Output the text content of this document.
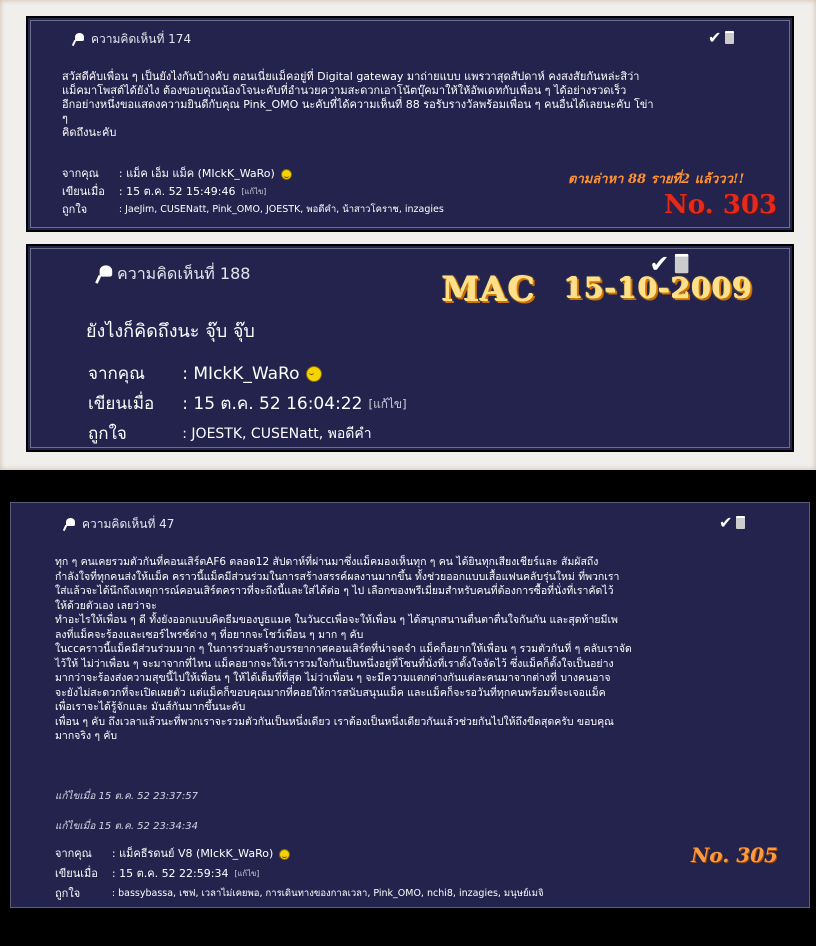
ความคิดเห็นที่ 174	✔
สวัสดีคับเพื่อน ๆ เป็นยังไงกันบ้างคับ ตอนเนี่ยแม็คอยู่ที่ Digital gateway มาถ่ายแบบ แพรวาสุดสัปดาห์ คงสงสัยกันหล่ะสิว่า
แม็คมาโพสต์ได้ยังไง ต้องขอบคุณน้องโจนะคับที่อำนวยความสะดวกเอาโน้ตบุ๊คมาให้ให้อัพเดทกับเพื่อน ๆ ได้อย่างรวดเร็ว
อีกอย่างหนึ่งขอแสดงความยินดีกับคุณ Pink_OMO นะคับที่ได้ความเห็นที่ 88 รอรับรางวัลพร้อมเพื่อน ๆ คนอื่นได้เลยนะคับ โข่า
ๆ
คิดถึงนะคับ
จากคุณ	: แม็ค เอ็ม แม็ค (MIckK_WaRo)
เขียนเมื่อ : 15 ต.ค. 52 15:49:46 [แก้ไข]
ถูกใจ	: JaeJim, CUSENatt, Pink_OMO, JOESTK, พอดีคำ, น้าสาวโคราช, inzagies
ตามล่าหา 88 รายที่2 แล้ววว!!
No. 303
ความคิดเห็นที่ 188	✔
MAC 15-10-2009
ยังไงก็คิดถึงนะ จุ๊บ จุ๊บ
จากคุณ	: MIckK_WaRo
เขียนเมื่อ : 15 ต.ค. 52 16:04:22 [แก้ไข]
ถูกใจ	: JOESTK, CUSENatt, พอดีคำ
ความคิดเห็นที่ 47	✔
ทุก ๆ คนเคยรวมตัวกันที่คอนเสิร์ตAF6 ตลอด12 สัปดาห์ที่ผ่านมาซึ่งแม็คมองเห็นทุก ๆ คน ได้ยินทุกเสียงเชียร์และ สัมผัสถึง
กำลังใจที่ทุกคนส่งให้แม็ค คราวนี้แม็คมีส่วนร่วมในการสร้างสรรค์ผลงานมากขึ้น ทั้งช่วยออกแบบเสื้อแฟนคลับรุ่นใหม่ ที่พวกเรา
ใส่แล้วจะได้นึกถึงเหตุการณ์คอนเสิร์ตคราวที่จะถึงนี้และใส่ได้ต่อ ๆ ไป เลือกของพรีเมี่ยมสำหรับคนที่ต้องการซื้อที่นั่งที่เราคัดไว้
ให้ด้วยตัวเอง เลยว่าจะ
ทำอะไรให้เพื่อน ๆ ดี ทั้งยังออกแบบคิดธีมของบูธแมค ในวันccเพื่อจะให้เพื่อน ๆ ได้สนุกสนานตื่นตาตื่นใจกันกัน และสุดท้ายมีเพ
ลงที่แม็คจะร้องและเซอร์ไพรซ์ต่าง ๆ ที่อยากจะโชว์เพื่อน ๆ มาก ๆ คับ
ในccคราวนี้แม็คมีส่วนร่วมมาก ๆ ในการร่วมสร้างบรรยากาศคอนเสิร์ตที่น่าจดจำ แม็คก็อยากให้เพื่อน ๆ รวมตัวกันที่ ๆ คลับเราจัด
ไว้ให้ ไม่ว่าเพื่อน ๆ จะมาจากที่ไหน แม็คอยากจะให้เรารวมใจกันเป็นหนึ่งอยู่ที่โซนที่นั่งที่เราตั้งใจจัดไว้ ซึ่งแม็คก็ตั้งใจเป็นอย่าง
มากว่าจะร้องส่งความสุขนี้ไปให้เพื่อน ๆ ให้ได้เต็มที่ที่สุด ไม่ว่าเพื่อน ๆ จะมีความแตกต่างกันแต่ละคนมาจากต่างที่ บางคนอาจ
จะยังไม่สะดวกที่จะเปิดเผยตัว แต่แม็คก็ขอบคุณมากที่คอยให้การสนับสนุนแม็ค และแม็คก็จะรอวันที่ทุกคนพร้อมที่จะเจอแม็ค
เพื่อเราจะได้รู้จักและ มันส์กันมากขึ้นนะคับ
เพื่อน ๆ คับ ถึงเวลาแล้วนะที่พวกเราจะรวมตัวกันเป็นหนึ่งเดียว เราต้องเป็นหนึ่งเดียวกันแล้วช่วยกันไปให้ถึงขีดสุดครับ ขอบคุณ
มากจริง ๆ คับ
แก้ไขเมื่อ 15 ต.ค. 52 23:37:57
แก้ไขเมื่อ 15 ต.ค. 52 23:34:34
จากคุณ	: แม็คธีรดนย์ V8 (MIckK_WaRo)
เขียนเมื่อ : 15 ต.ค. 52 22:59:34 [แก้ไข]
ถูกใจ	: bassybassa, เชฟ, เวลาไม่เคยพอ, การเดินทางของกาลเวลา, Pink_OMO, nchi8, inzagies, มนุษย์เมจิ
No. 305
